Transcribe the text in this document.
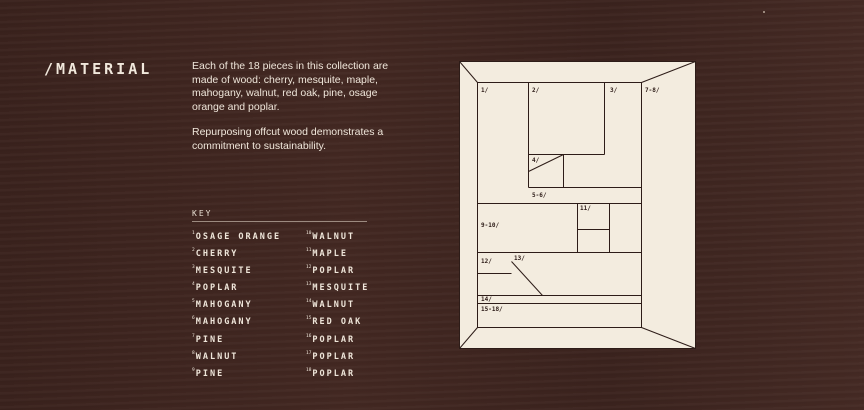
/MATERIAL	Each of the 18 pieces in this collection are made of wood: cherry, mesquite, maple, mahogany, walnut, red oak, pine, osage orange and poplar.

Repurposing offcut wood demonstrates a commitment to sustainability.

KEY
$^1$OSAGE ORANGE
$^2$CHERRY
$^3$MESQUITE
$^4$POPLAR
$^5$MAHOGANY
$^6$MAHOGANY
$^7$PINE
$^8$WALNUT
$^9$PINE
$^{10}$WALNUT
$^{11}$MAPLE
$^{12}$POPLAR
$^{13}$MESQUITE
$^{14}$WALNUT
$^{15}$RED OAK
$^{16}$POPLAR
$^{17}$POPLAR
$^{18}$POPLAR
1/	2/	3/	7-8/
4/
5-6/
11/
9-10/
12/	13/
14/
15-18/
